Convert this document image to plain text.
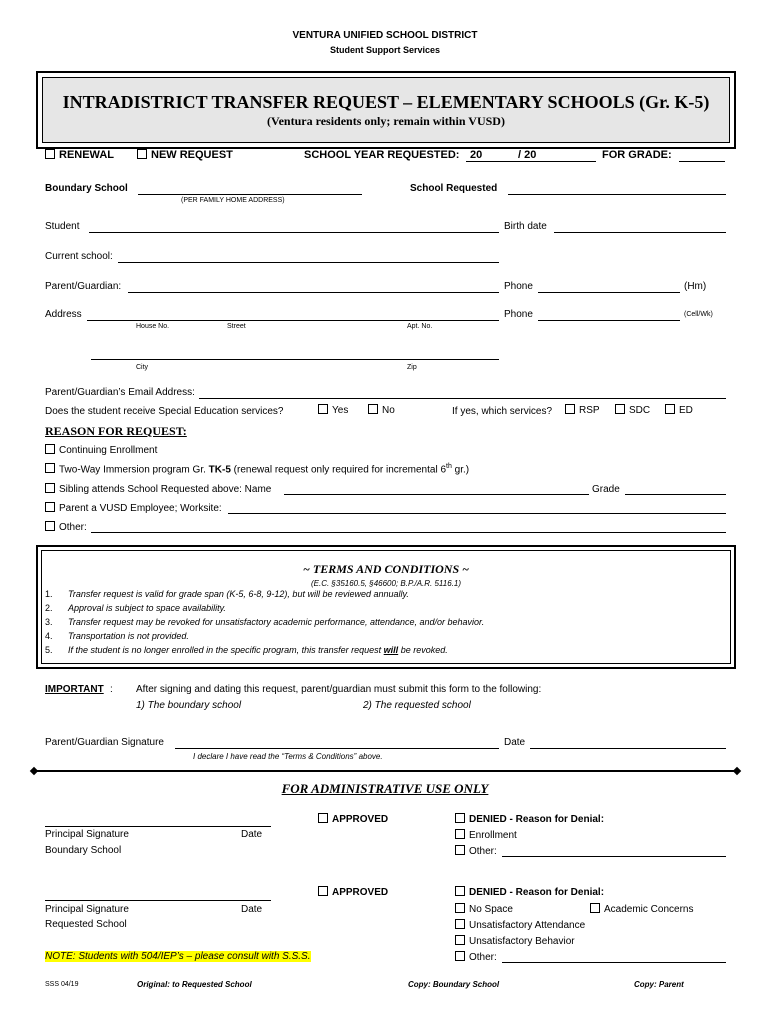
VENTURA UNIFIED SCHOOL DISTRICT
Student Support Services
INTRADISTRICT TRANSFER REQUEST – ELEMENTARY SCHOOLS (Gr. K-5)
(Ventura residents only; remain within VUSD)
RENEWAL	NEW REQUEST	SCHOOL YEAR REQUESTED: 20	/ 20	FOR GRADE:
Boundary School
(PER FAMILY HOME ADDRESS)
School Requested
Student	Birth date
Current school:
Parent/Guardian:	Phone	(Hm)
Address	Phone	(Cell/Wk)
House No.	Street	Apt. No.
City	Zip
Parent/Guardian’s Email Address:
Does the student receive Special Education services?	Yes	No	If yes, which services?	RSP	SDC	ED
REASON FOR REQUEST:
Continuing Enrollment
Two-Way Immersion program Gr. TK-5 (renewal request only required for incremental 6th gr.)
Sibling attends School Requested above: Name	Grade
Parent a VUSD Employee; Worksite:
Other:
~ TERMS AND CONDITIONS ~
(E.C. §35160.5, §46600; B.P./A.R. 5116.1)
1. Transfer request is valid for grade span (K-5, 6-8, 9-12), but will be reviewed annually.
2. Approval is subject to space availability.
3. Transfer request may be revoked for unsatisfactory academic performance, attendance, and/or behavior.
4. Transportation is not provided.
5. If the student is no longer enrolled in the specific program, this transfer request will be revoked.
IMPORTANT : After signing and dating this request, parent/guardian must submit this form to the following:
1) The boundary school	2) The requested school
Parent/Guardian Signature	Date
I declare I have read the “Terms & Conditions” above.
FOR ADMINISTRATIVE USE ONLY
APPROVED	DENIED - Reason for Denial:
Principal Signature	Date	Enrollment
Boundary School	Other:
APPROVED	DENIED - Reason for Denial:
Principal Signature	Date	No Space	Academic Concerns
Requested School	Unsatisfactory Attendance
Unsatisfactory Behavior
NOTE: Students with 504/IEP’s – please consult with S.S.S.	Other:
SSS 04/19	Original: to Requested School	Copy: Boundary School	Copy: Parent
